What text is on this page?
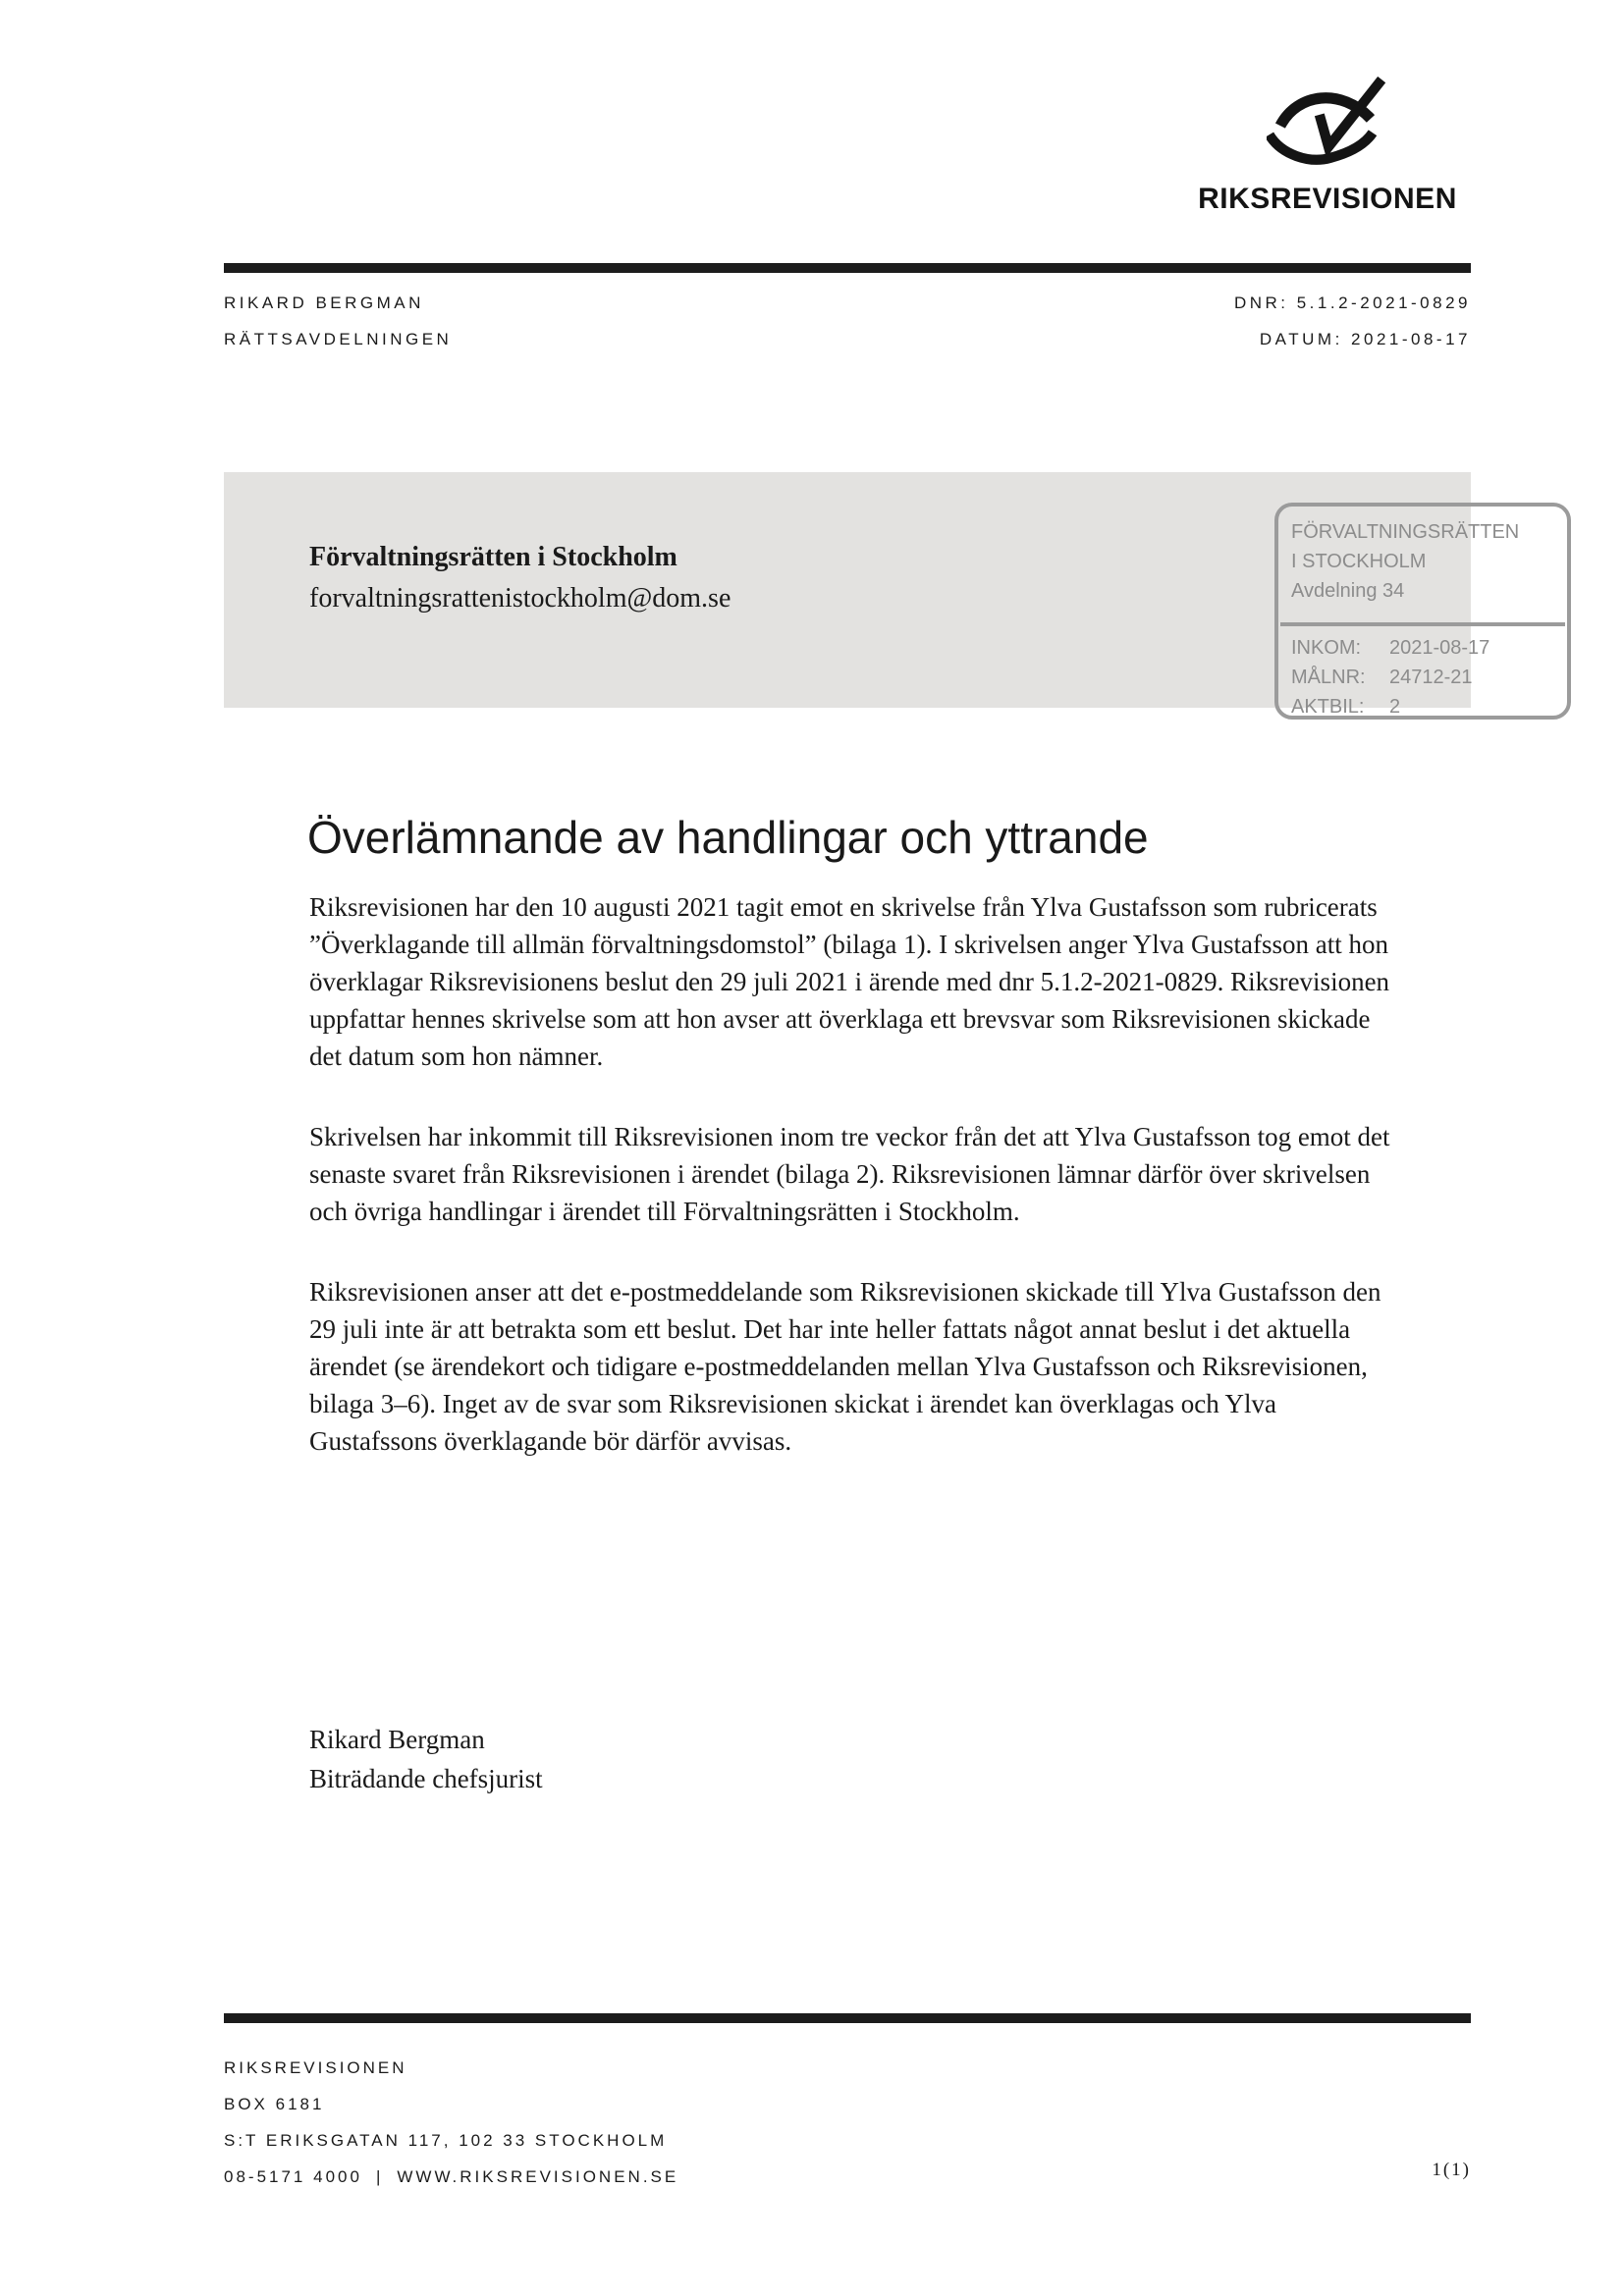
RIKSREVISIONEN
RIKARD BERGMAN
RÄTTSAVDELNINGEN
DNR: 5.1.2-2021-0829
DATUM: 2021-08-17
Förvaltningsrätten i Stockholm
forvaltningsrattenistockholm@dom.se
FÖRVALTNINGSRÄTTEN
I STOCKHOLM
Avdelning 34
INKOM: 2021-08-17
MÅLNR: 24712-21
AKTBIL: 2
Överlämnande av handlingar och yttrande

Riksrevisionen har den 10 augusti 2021 tagit emot en skrivelse från Ylva Gustafsson som rubricerats ”Överklagande till allmän förvaltningsdomstol” (bilaga 1). I skrivelsen anger Ylva Gustafsson att hon överklagar Riksrevisionens beslut den 29 juli 2021 i ärende med dnr 5.1.2-2021-0829. Riksrevisionen uppfattar hennes skrivelse som att hon avser att överklaga ett brevsvar som Riksrevisionen skickade det datum som hon nämner.

Skrivelsen har inkommit till Riksrevisionen inom tre veckor från det att Ylva Gustafsson tog emot det senaste svaret från Riksrevisionen i ärendet (bilaga 2). Riksrevisionen lämnar därför över skrivelsen och övriga handlingar i ärendet till Förvaltningsrätten i Stockholm.

Riksrevisionen anser att det e-postmeddelande som Riksrevisionen skickade till Ylva Gustafsson den 29 juli inte är att betrakta som ett beslut. Det har inte heller fattats något annat beslut i det aktuella ärendet (se ärendekort och tidigare e-postmeddelanden mellan Ylva Gustafsson och Riksrevisionen, bilaga 3–6). Inget av de svar som Riksrevisionen skickat i ärendet kan överklagas och Ylva Gustafssons överklagande bör därför avvisas.

Rikard Bergman
Biträdande chefsjurist
RIKSREVISIONEN
BOX 6181
S:T ERIKSGATAN 117, 102 33 STOCKHOLM
08-5171 4000 | WWW.RIKSREVISIONEN.SE	1(1)
